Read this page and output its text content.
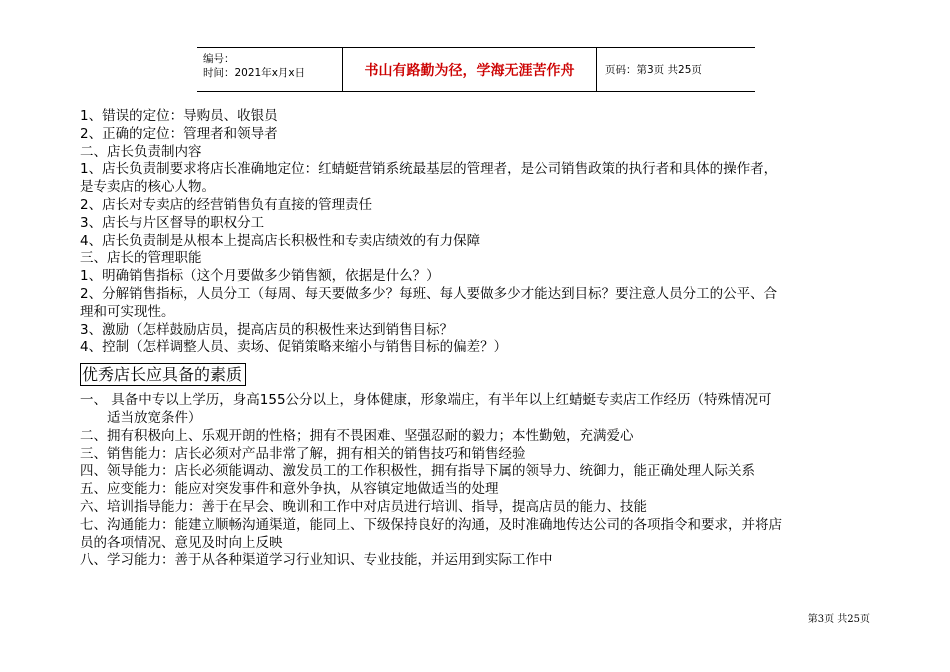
编号：
时间：2021年x月x日	书山有路勤为径，学海无涯苦作舟	页码：第3页 共25页
1、错误的定位：导购员、收银员
2、正确的定位：管理者和领导者
二、店长负责制内容
1、店长负责制要求将店长准确地定位：红蜻蜓营销系统最基层的管理者，是公司销售政策的执行者和具体的操作者，
是专卖店的核心人物。
2、店长对专卖店的经营销售负有直接的管理责任
3、店长与片区督导的职权分工
4、店长负责制是从根本上提高店长积极性和专卖店绩效的有力保障
三、店长的管理职能
1、明确销售指标（这个月要做多少销售额，依据是什么？）
2、分解销售指标，人员分工（每周、每天要做多少？每班、每人要做多少才能达到目标？要注意人员分工的公平、合
理和可实现性。
3、激励（怎样鼓励店员，提高店员的积极性来达到销售目标？
4、控制（怎样调整人员、卖场、促销策略来缩小与销售目标的偏差？）
优秀店长应具备的素质
一、 具备中专以上学历，身高155公分以上，身体健康，形象端庄，有半年以上红蜻蜓专卖店工作经历（特殊情况可
适当放宽条件）
二、拥有积极向上、乐观开朗的性格；拥有不畏困难、坚强忍耐的毅力；本性勤勉，充满爱心
三、销售能力：店长必须对产品非常了解，拥有相关的销售技巧和销售经验
四、领导能力：店长必须能调动、激发员工的工作积极性，拥有指导下属的领导力、统御力，能正确处理人际关系
五、应变能力：能应对突发事件和意外争执，从容镇定地做适当的处理
六、培训指导能力：善于在早会、晚训和工作中对店员进行培训、指导，提高店员的能力、技能
七、沟通能力：能建立顺畅沟通渠道，能同上、下级保持良好的沟通，及时准确地传达公司的各项指令和要求，并将店
员的各项情况、意见及时向上反映
八、学习能力：善于从各种渠道学习行业知识、专业技能，并运用到实际工作中
第3页 共25页
